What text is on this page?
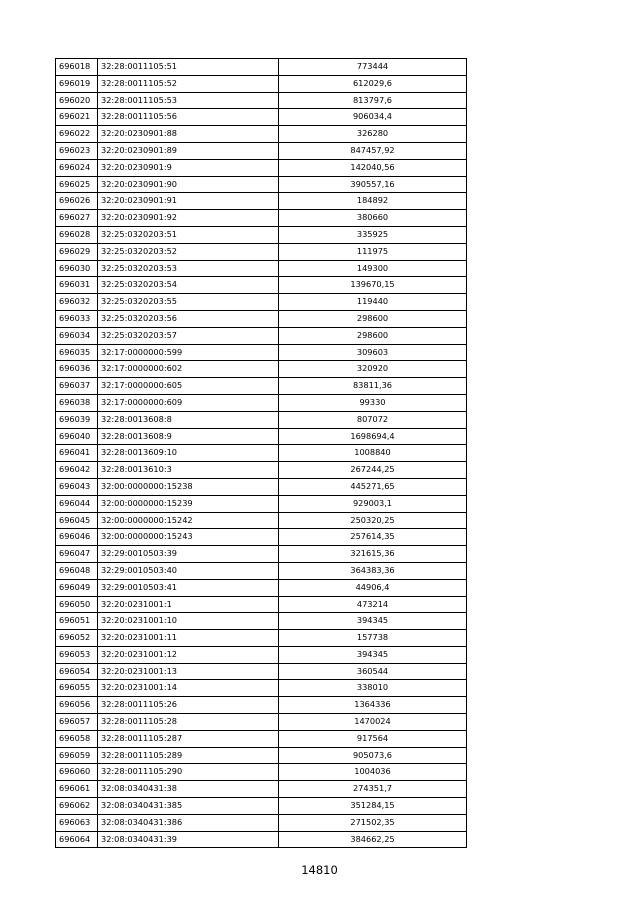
696018	32:28:0011105:51	773444
696019	32:28:0011105:52	612029,6
696020	32:28:0011105:53	813797,6
696021	32:28:0011105:56	906034,4
696022	32:20:0230901:88	326280
696023	32:20:0230901:89	847457,92
696024	32:20:0230901:9	142040,56
696025	32:20:0230901:90	390557,16
696026	32:20:0230901:91	184892
696027	32:20:0230901:92	380660
696028	32:25:0320203:51	335925
696029	32:25:0320203:52	111975
696030	32:25:0320203:53	149300
696031	32:25:0320203:54	139670,15
696032	32:25:0320203:55	119440
696033	32:25:0320203:56	298600
696034	32:25:0320203:57	298600
696035	32:17:0000000:599	309603
696036	32:17:0000000:602	320920
696037	32:17:0000000:605	83811,36
696038	32:17:0000000:609	99330
696039	32:28:0013608:8	807072
696040	32:28:0013608:9	1698694,4
696041	32:28:0013609:10	1008840
696042	32:28:0013610:3	267244,25
696043	32:00:0000000:15238	445271,65
696044	32:00:0000000:15239	929003,1
696045	32:00:0000000:15242	250320,25
696046	32:00:0000000:15243	257614,35
696047	32:29:0010503:39	321615,36
696048	32:29:0010503:40	364383,36
696049	32:29:0010503:41	44906,4
696050	32:20:0231001:1	473214
696051	32:20:0231001:10	394345
696052	32:20:0231001:11	157738
696053	32:20:0231001:12	394345
696054	32:20:0231001:13	360544
696055	32:20:0231001:14	338010
696056	32:28:0011105:26	1364336
696057	32:28:0011105:28	1470024
696058	32:28:0011105:287	917564
696059	32:28:0011105:289	905073,6
696060	32:28:0011105:290	1004036
696061	32:08:0340431:38	274351,7
696062	32:08:0340431:385	351284,15
696063	32:08:0340431:386	271502,35
696064	32:08:0340431:39	384662,25
14810
